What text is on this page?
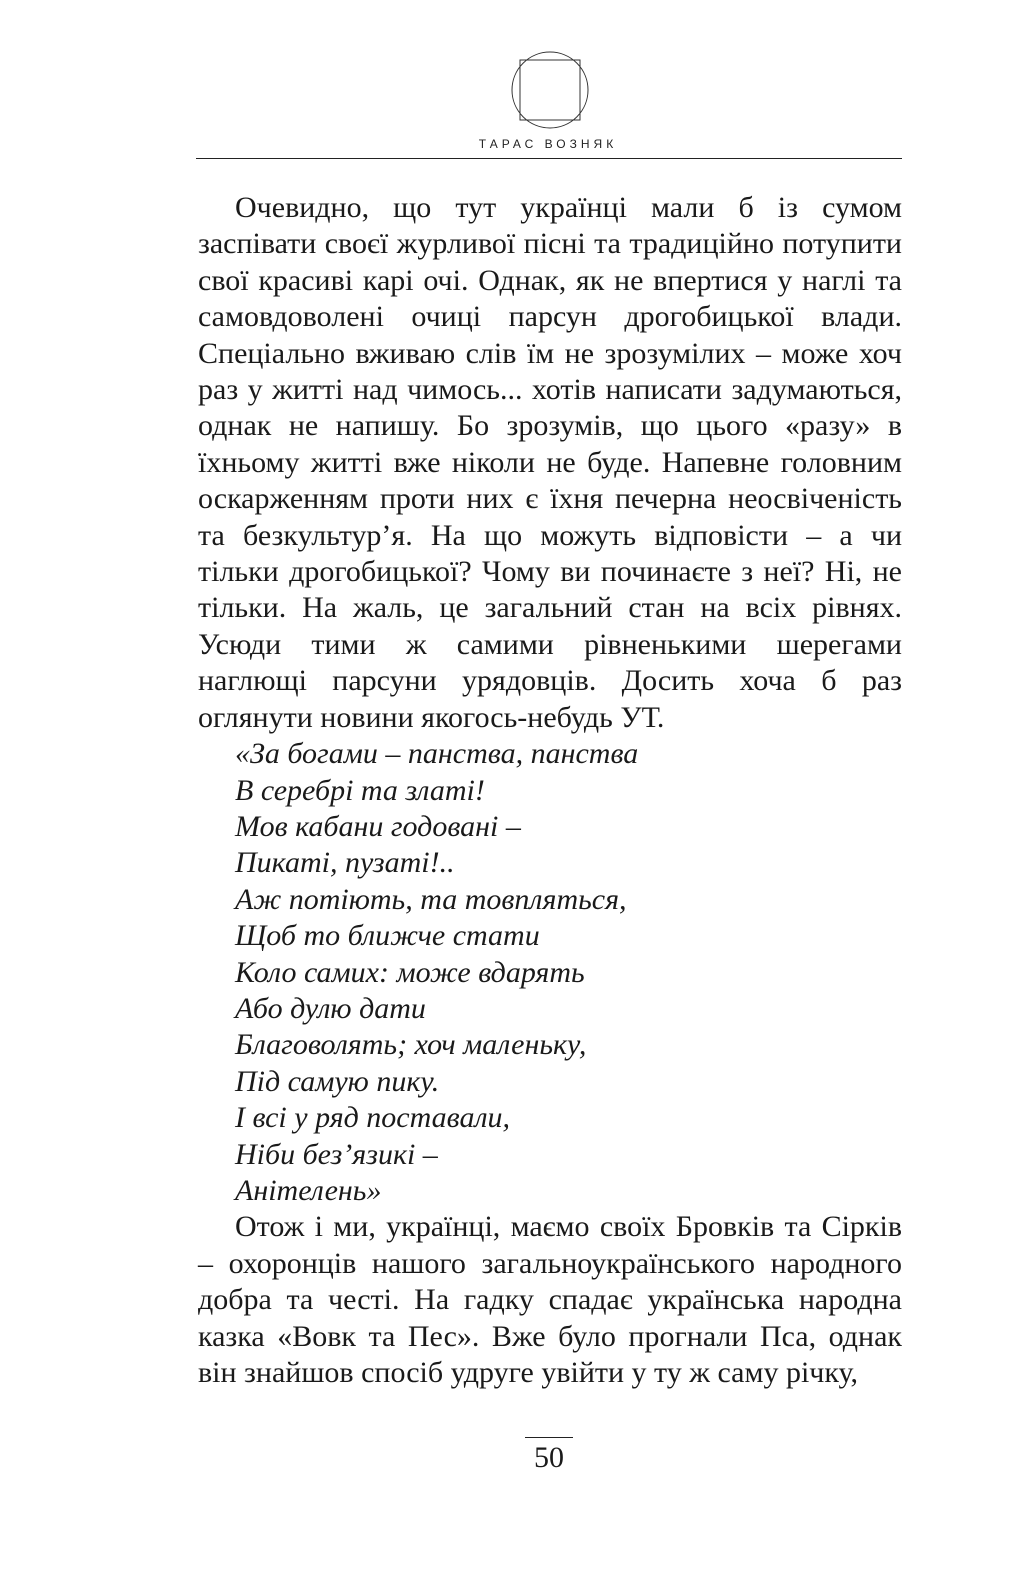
ТАРАС ВОЗНЯК

Очевидно, що тут українці мали б із сумом заспівати своєї журливої пісні та традиційно потупити свої красиві карі очі. Однак, як не впертися у наглі та самовдоволені очиці парсун дрогобицької влади. Спеціально вживаю слів їм не зрозумілих – може хоч раз у житті над чимось... хотів написати задумаються, однак не напишу. Бо зрозумів, що цього «разу» в їхньому житті вже ніколи не буде. Напевне головним оскарженням проти них є їхня печерна неосвіченість та безкультур’я. На що можуть відповісти – а чи тільки дрогобицької? Чому ви починаєте з неї? Ні, не тільки. На жаль, це загальний стан на всіх рівнях. Усюди тими ж самими рівненькими шерегами наглющі парсуни урядовців. Досить хоча б раз оглянути новини якогось-небудь УТ.

«За богами – панства, панства
В серебрі та златі!
Мов кабани годовані –
Пикаті, пузаті!..
Аж потіють, та товпляться,
Щоб то ближче стати
Коло самих: може вдарять
Або дулю дати
Благоволять; хоч маленьку,
Під самую пику.
І всі у ряд поставали,
Ніби без’язикі –
Анітелень»

Отож і ми, українці, маємо своїх Бровків та Сірків – охоронців нашого загальноукраїнського народного добра та честі. На гадку спадає українська народна казка «Вовк та Пес». Вже було прогнали Пса, однак він знайшов спосіб удруге увійти у ту ж саму річку,

50
